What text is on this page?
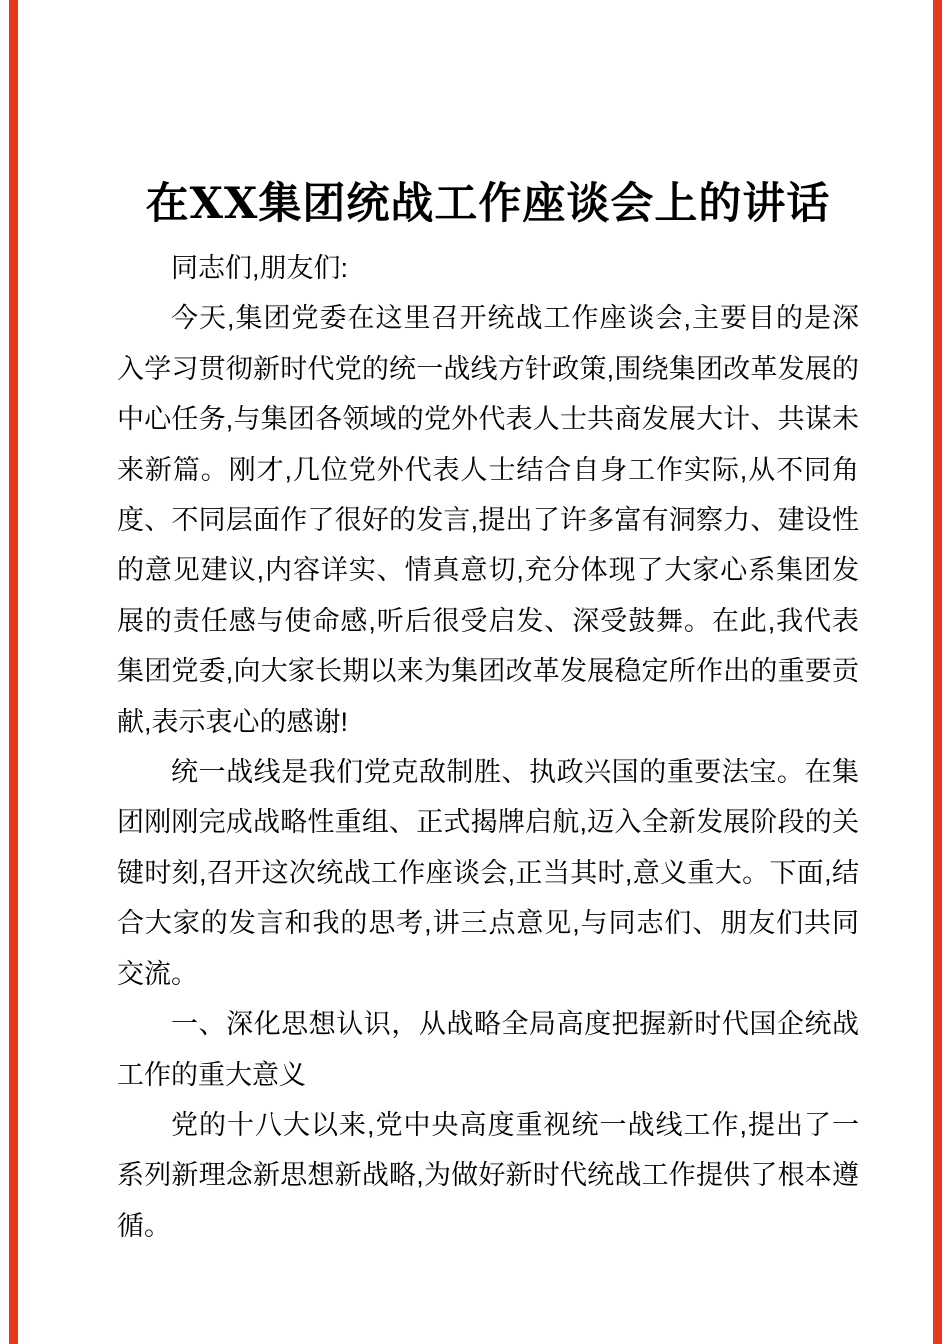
在XX集团统战工作座谈会上的讲话

同志们,朋友们:

今天,集团党委在这里召开统战工作座谈会,主要目的是深入学习贯彻新时代党的统一战线方针政策,围绕集团改革发展的中心任务,与集团各领域的党外代表人士共商发展大计、共谋未来新篇。刚才,几位党外代表人士结合自身工作实际,从不同角度、不同层面作了很好的发言,提出了许多富有洞察力、建设性的意见建议,内容详实、情真意切,充分体现了大家心系集团发展的责任感与使命感,听后很受启发、深受鼓舞。在此,我代表集团党委,向大家长期以来为集团改革发展稳定所作出的重要贡献,表示衷心的感谢!

统一战线是我们党克敌制胜、执政兴国的重要法宝。在集团刚刚完成战略性重组、正式揭牌启航,迈入全新发展阶段的关键时刻,召开这次统战工作座谈会,正当其时,意义重大。下面,结合大家的发言和我的思考,讲三点意见,与同志们、朋友们共同交流。

一、深化思想认识，从战略全局高度把握新时代国企统战工作的重大意义

党的十八大以来,党中央高度重视统一战线工作,提出了一系列新理念新思想新战略,为做好新时代统战工作提供了根本遵循。
